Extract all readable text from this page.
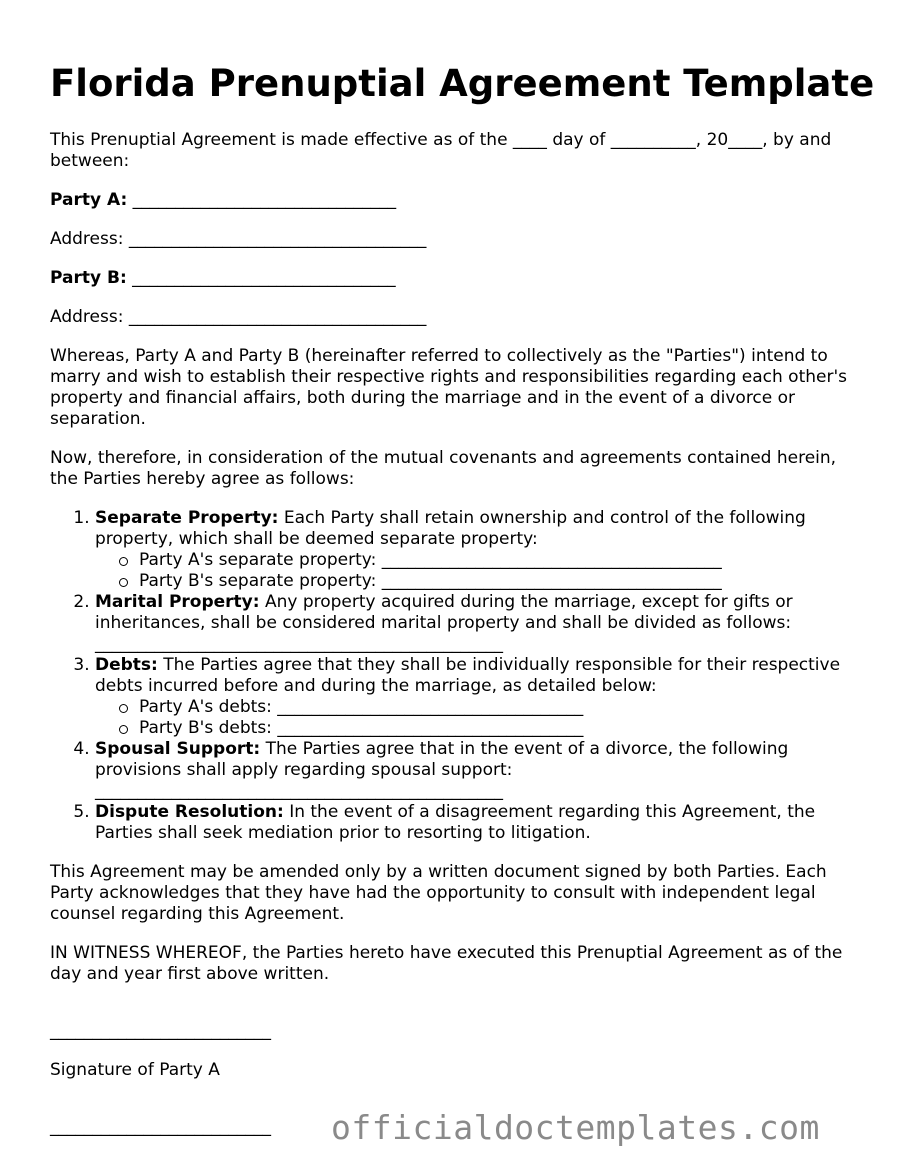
Florida Prenuptial Agreement Template

This Prenuptial Agreement is made effective as of the ____ day of __________, 20____, by and between:

Party A: _______________________________
Address: ___________________________________
Party B: _______________________________
Address: ___________________________________

Whereas, Party A and Party B (hereinafter referred to collectively as the "Parties") intend to marry and wish to establish their respective rights and responsibilities regarding each other's property and financial affairs, both during the marriage and in the event of a divorce or separation.

Now, therefore, in consideration of the mutual covenants and agreements contained herein, the Parties hereby agree as follows:

1. Separate Property: Each Party shall retain ownership and control of the following property, which shall be deemed separate property:
Party A's separate property: ________________________________________
Party B's separate property: ________________________________________
2. Marital Property: Any property acquired during the marriage, except for gifts or inheritances, shall be considered marital property and shall be divided as follows: ________________________________________________
3. Debts: The Parties agree that they shall be individually responsible for their respective debts incurred before and during the marriage, as detailed below:
Party A's debts: ____________________________________
Party B's debts: ____________________________________
4. Spousal Support: The Parties agree that in the event of a divorce, the following provisions shall apply regarding spousal support: ________________________________________________
5. Dispute Resolution: In the event of a disagreement regarding this Agreement, the Parties shall seek mediation prior to resorting to litigation.

This Agreement may be amended only by a written document signed by both Parties. Each Party acknowledges that they have had the opportunity to consult with independent legal counsel regarding this Agreement.

IN WITNESS WHEREOF, the Parties hereto have executed this Prenuptial Agreement as of the day and year first above written.

__________________________
Signature of Party A
__________________________	officialdoctemplates.com
